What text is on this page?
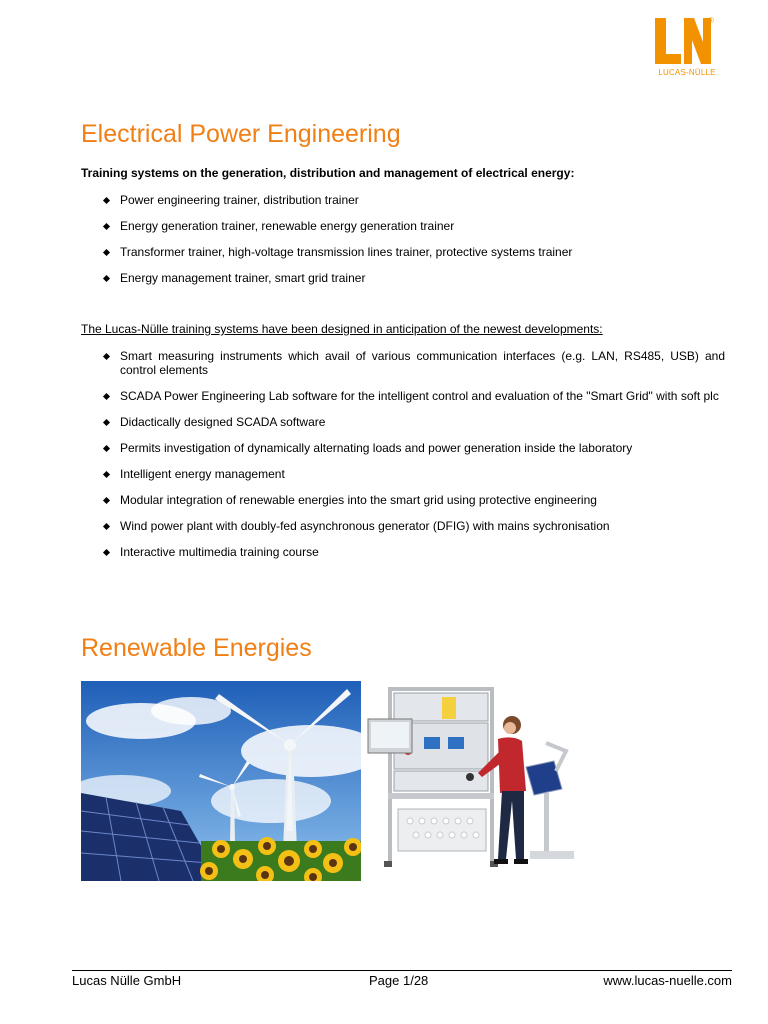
®
LUCAS-NÜLLE
Electrical Power Engineering
Training systems on the generation, distribution and management of electrical energy:
Power engineering trainer, distribution trainer
Energy generation trainer, renewable energy generation trainer
Transformer trainer, high-voltage transmission lines trainer, protective systems trainer
Energy management trainer, smart grid trainer
The Lucas-Nülle training systems have been designed in anticipation of the newest developments:
Smart measuring instruments which avail of various communication interfaces (e.g. LAN, RS485, USB) and control elements
SCADA Power Engineering Lab software for the intelligent control and evaluation of the "Smart Grid" with soft plc
Didactically designed SCADA software
Permits investigation of dynamically alternating loads and power generation inside the laboratory
Intelligent energy management
Modular integration of renewable energies into the smart grid using protective engineering
Wind power plant with doubly-fed asynchronous generator (DFIG) with mains sychronisation
Interactive multimedia training course
Renewable Energies
Lucas Nülle GmbH	Page 1/28	www.lucas-nuelle.com
